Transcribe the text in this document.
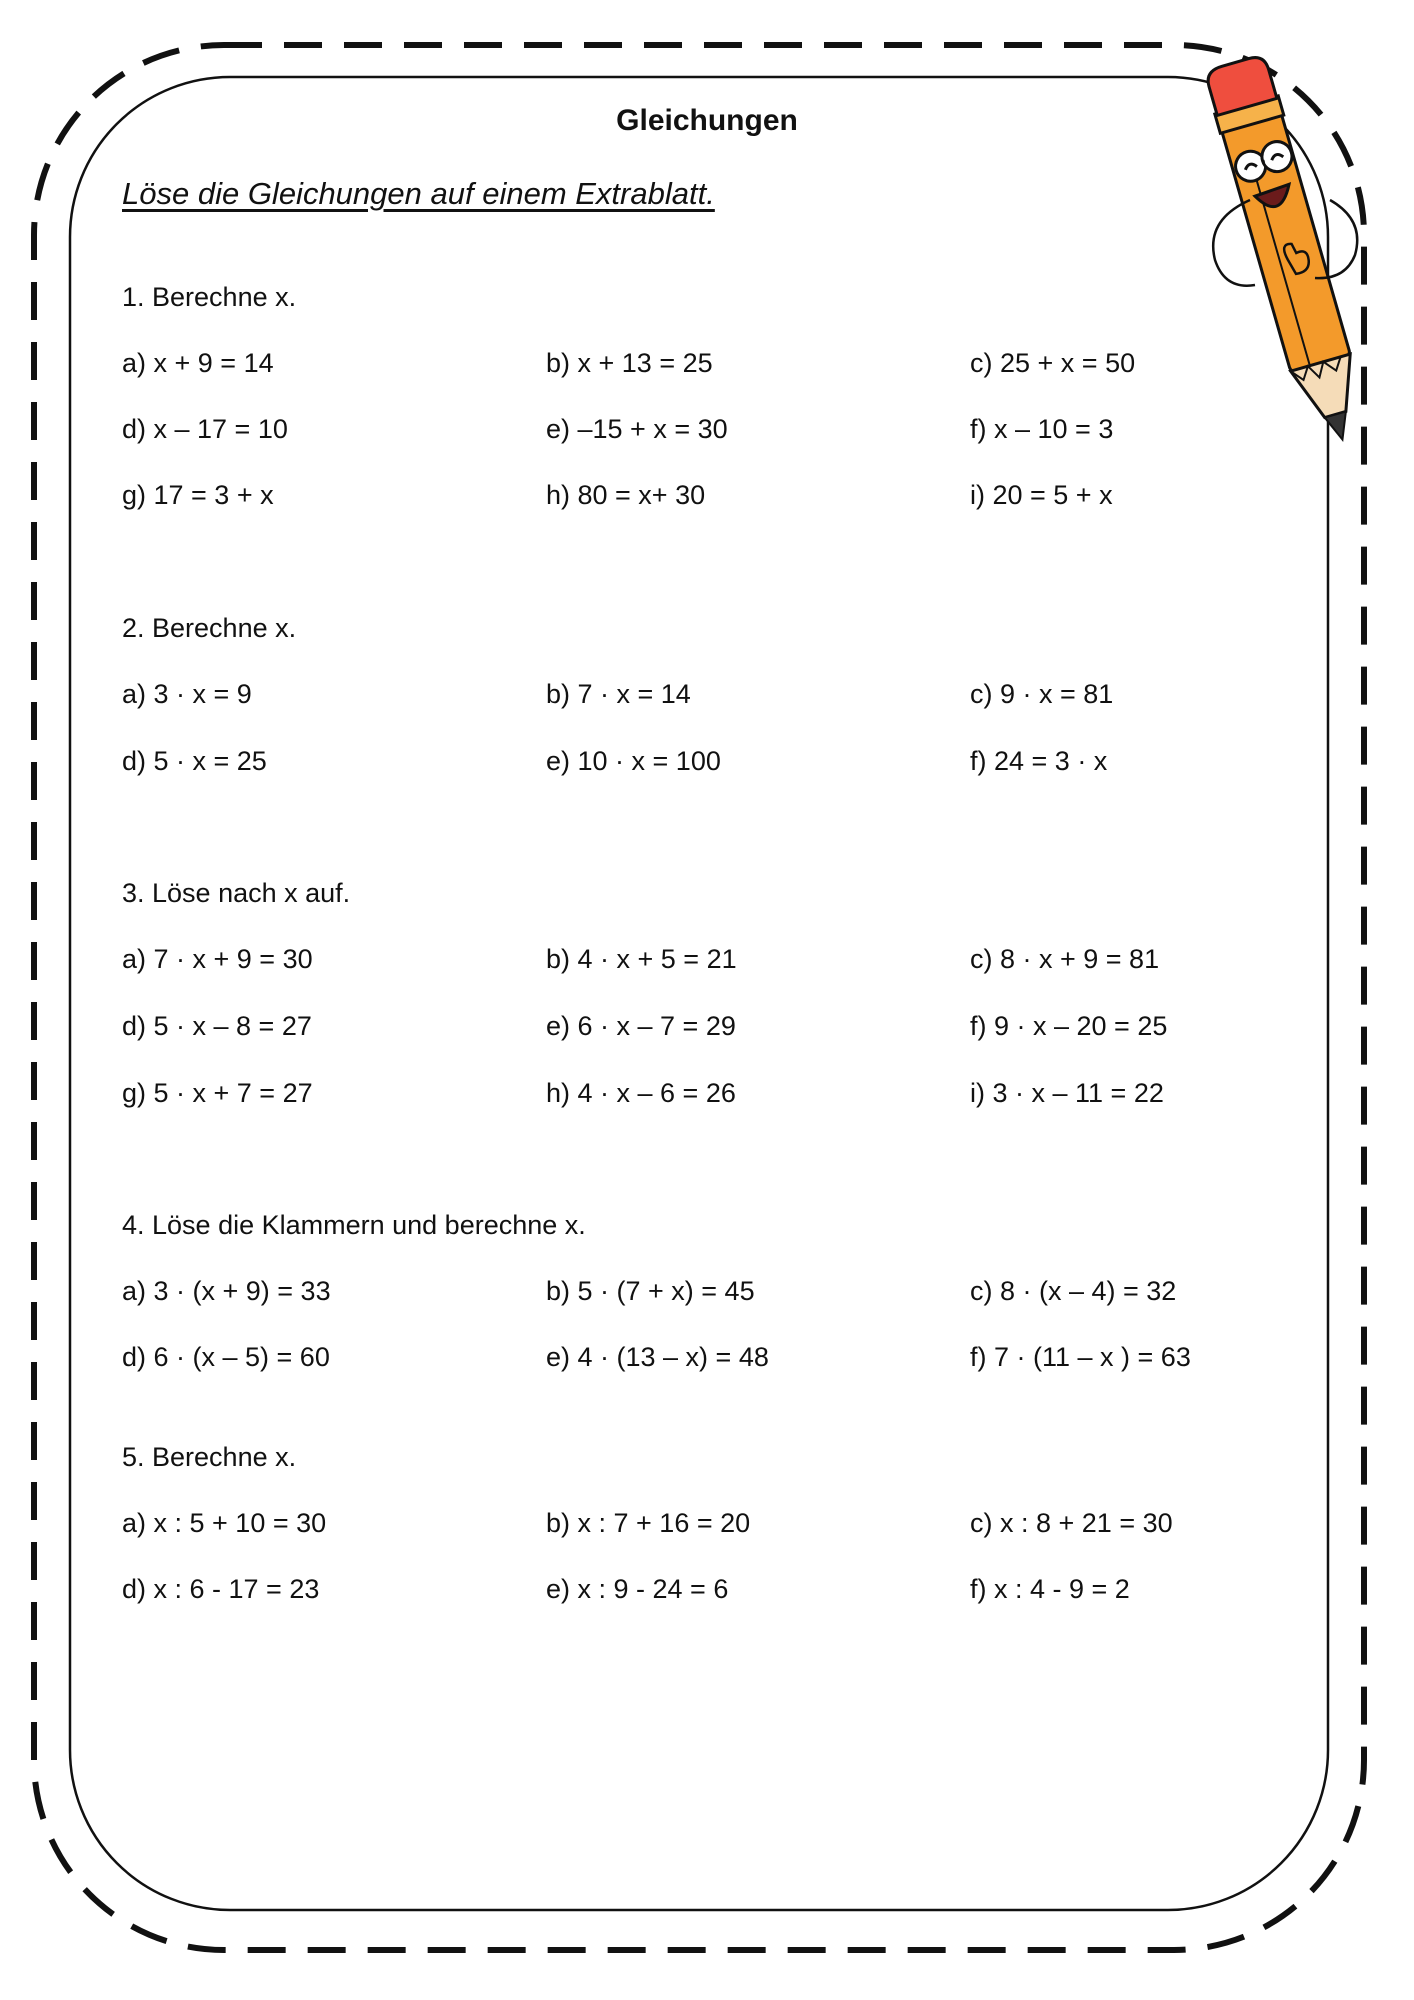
Gleichungen
Löse die Gleichungen auf einem Extrablatt.
1. Berechne x.
a) x + 9 = 14	b) x + 13 = 25	c) 25 + x = 50
d) x – 17 = 10	e) –15 + x = 30	f) x – 10 = 3
g) 17 = 3 + x	h) 80 = x+ 30	i) 20 = 5 + x
2. Berechne x.
a) 3 · x = 9	b) 7 · x = 14	c) 9 · x = 81
d) 5 · x = 25	e) 10 · x = 100	f) 24 = 3 · x
3. Löse nach x auf.
a) 7 · x + 9 = 30	b) 4 · x + 5 = 21	c) 8 · x + 9 = 81
d) 5 · x – 8 = 27	e) 6 · x – 7 = 29	f) 9 · x – 20 = 25
g) 5 · x + 7 = 27	h) 4 · x – 6 = 26	i) 3 · x – 11 = 22
4. Löse die Klammern und berechne x.
a) 3 · (x + 9) = 33	b) 5 · (7 + x) = 45	c) 8 · (x – 4) = 32
d) 6 · (x – 5) = 60	e) 4 · (13 – x) = 48	f) 7 · (11 – x ) = 63
5. Berechne x.
a) x : 5 + 10 = 30	b) x : 7 + 16 = 20	c) x : 8 + 21 = 30
d) x : 6 - 17 = 23	e) x : 9 - 24 = 6	f) x : 4 - 9 = 2
